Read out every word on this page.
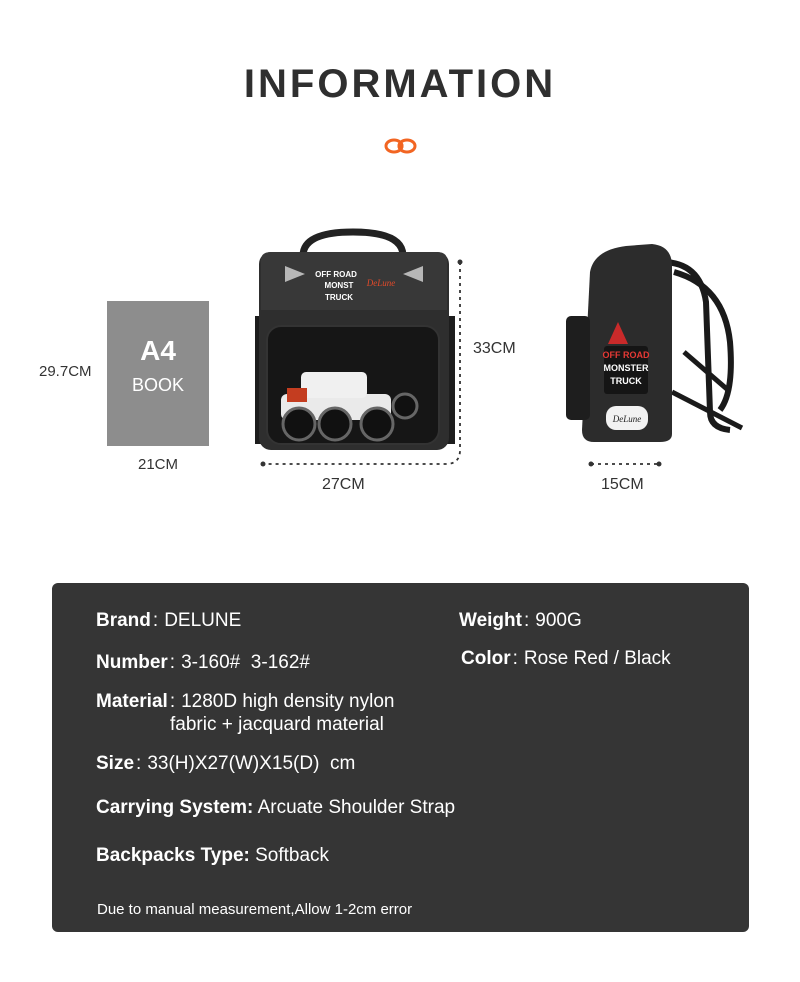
INFORMATION
A4
BOOK
29.7CM
21CM
OFF ROAD
MONST
TRUCK
DeLune
33CM
27CM
OFF ROAD
MONSTER
TRUCK
DeLune
15CM
Brand : DELUNE	Weight : 900G
Number : 3-160#  3-162#	Color : Rose Red / Black
Material : 1280D high density nylon
fabric + jacquard material
Size : 33(H)X27(W)X15(D)  cm
Carrying System: Arcuate Shoulder Strap
Backpacks Type: Softback
Due to manual measurement,Allow 1-2cm error
